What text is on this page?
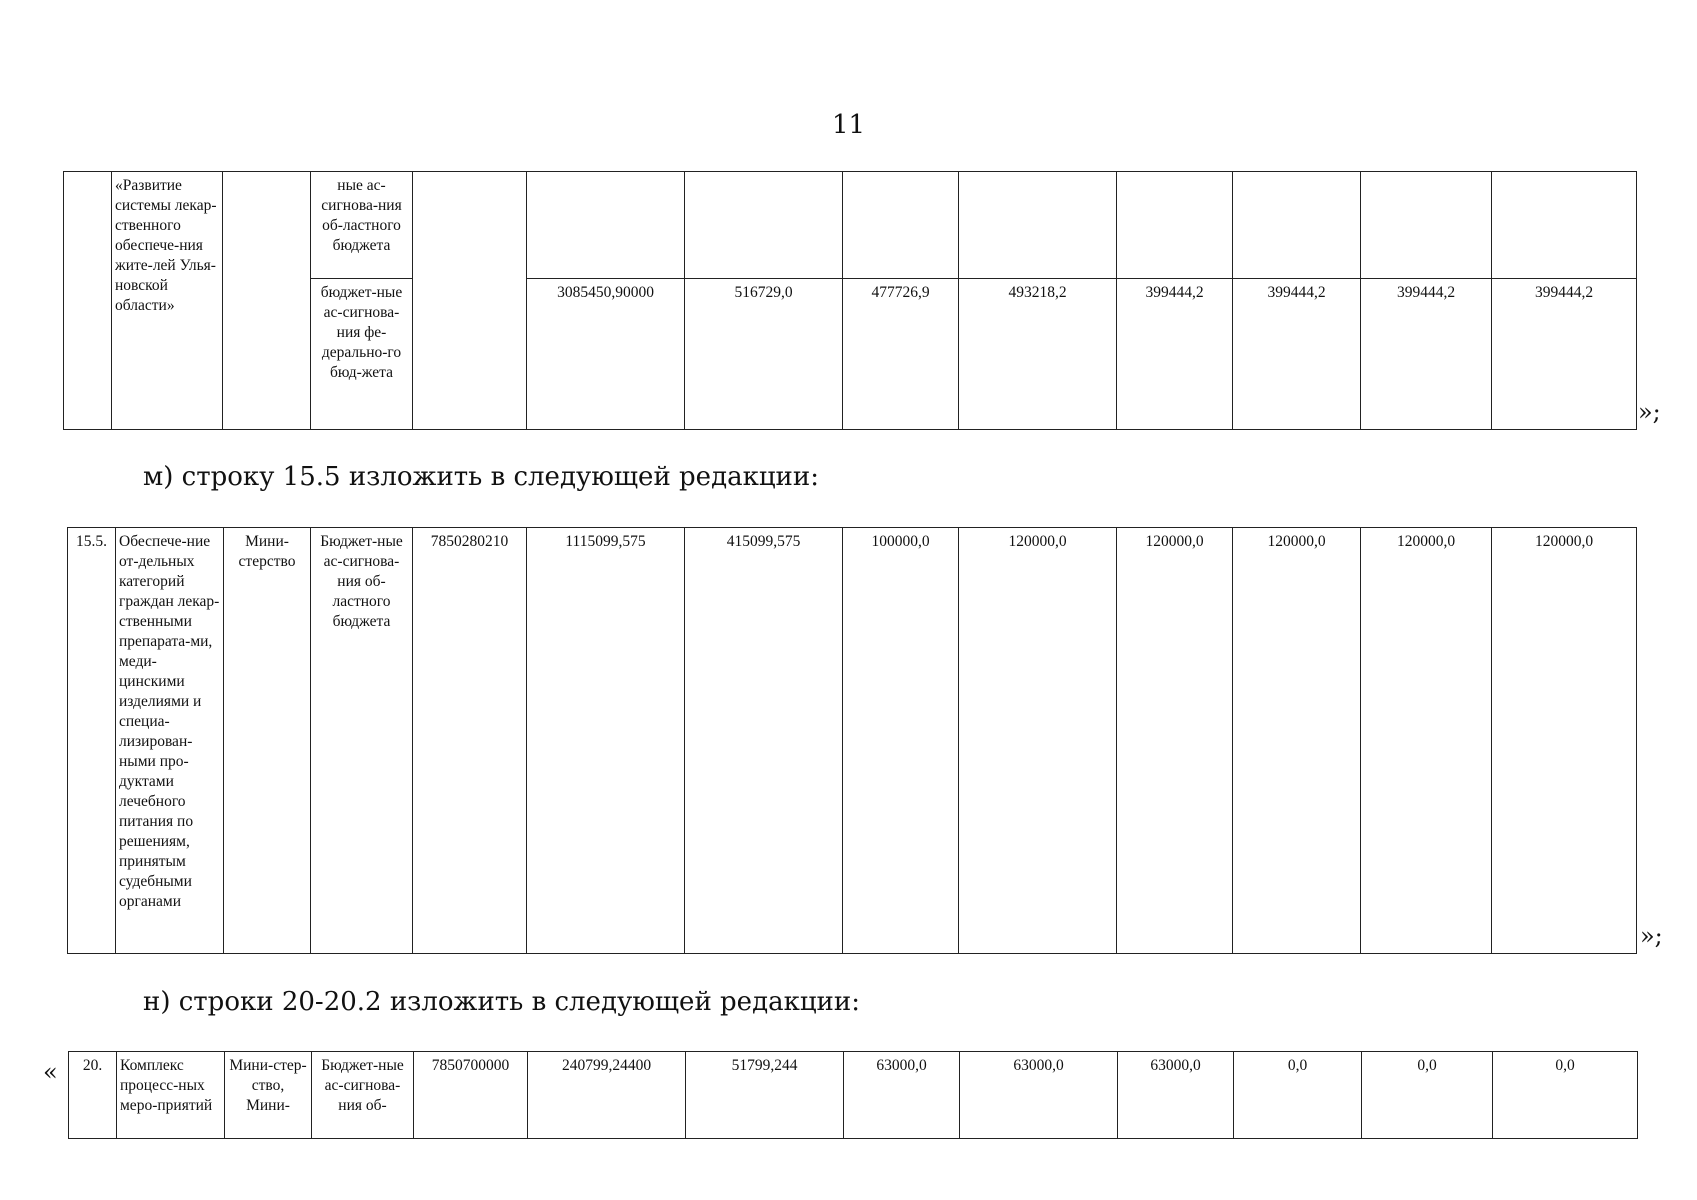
11
	«Развитие системы лекар-ственного обеспече-ния жите-лей Улья-новской области»		ные ас-сигнова-ния об-ластного бюджета									
			бюджет-ные ас-сигнова-ния фе-дерально-го бюд-жета		3085450,90000	516729,0	477726,9	493218,2	399444,2	399444,2	399444,2	399444,2
»;
м) строку 15.5 изложить в следующей редакции:
15.5.	Обеспече-ние от-дельных категорий граждан лекар-ственными препарата-ми, меди-цинскими изделиями и специа-лизирован-ными про-дуктами лечебного питания по решениям, принятым судебными органами	Мини-стерство	Бюджет-ные ас-сигнова-ния об-ластного бюджета	7850280210	1115099,575	415099,575	100000,0	120000,0	120000,0	120000,0	120000,0	120000,0
»;
н) строки 20-20.2 изложить в следующей редакции:
« 20.	Комплекс процесс-ных меро-приятий	Мини-стер-ство, Мини-	Бюджет-ные ас-сигнова-ния об-	7850700000	240799,24400	51799,244	63000,0	63000,0	63000,0	0,0	0,0	0,0
